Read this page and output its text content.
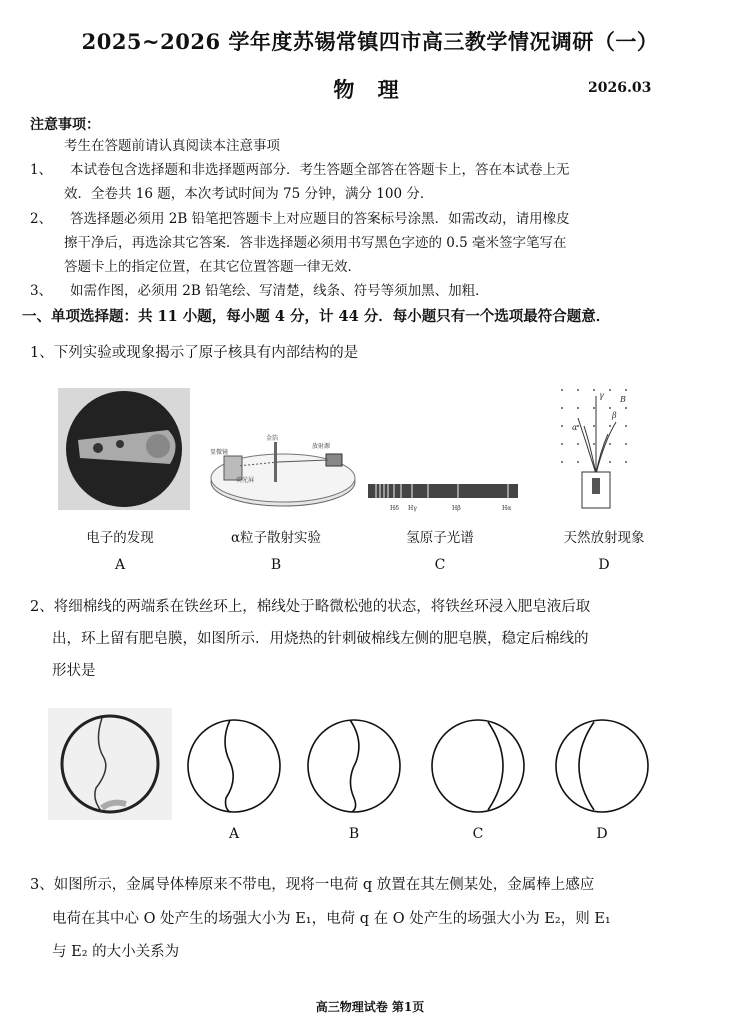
2025~2026 学年度苏锡常镇四市高三教学情况调研（一）
物 理	2026.03
注意事项：
考生在答题前请认真阅读本注意事项
1、 本试卷包含选择题和非选择题两部分．考生答题全部答在答题卡上，答在本试卷上无
效．全卷共 16 题，本次考试时间为 75 分钟，满分 100 分．
2、 答选择题必须用 2B 铅笔把答题卡上对应题目的答案标号涂黑．如需改动，请用橡皮
擦干净后，再选涂其它答案．答非选择题必须用书写黑色字迹的 0.5 毫米签字笔写在
答题卡上的指定位置，在其它位置答题一律无效．
3、 如需作图，必须用 2B 铅笔绘、写清楚，线条、符号等须加黑、加粗．
一、单项选择题：共 11 小题，每小题 4 分，计 44 分．每小题只有一个选项最符合题意．
1、下列实验或现象揭示了原子核具有内部结构的是
显微镜
荧光屏
金箔
放射源
Hδ Hγ	Hβ	Hα
γ
α
β
B
电子的发现	α粒子散射实验	氢原子光谱	天然放射现象
A	B	C	D
2、将细棉线的两端系在铁丝环上，棉线处于略微松弛的状态，将铁丝环浸入肥皂液后取
出，环上留有肥皂膜，如图所示．用烧热的针刺破棉线左侧的肥皂膜，稳定后棉线的
形状是
A	B	C	D
3、如图所示，金属导体棒原来不带电，现将一电荷 q 放置在其左侧某处，金属棒上感应
电荷在其中心 O 处产生的场强大小为 E₁，电荷 q 在 O 处产生的场强大小为 E₂，则 E₁
与 E₂ 的大小关系为
高三物理试卷 第1页
